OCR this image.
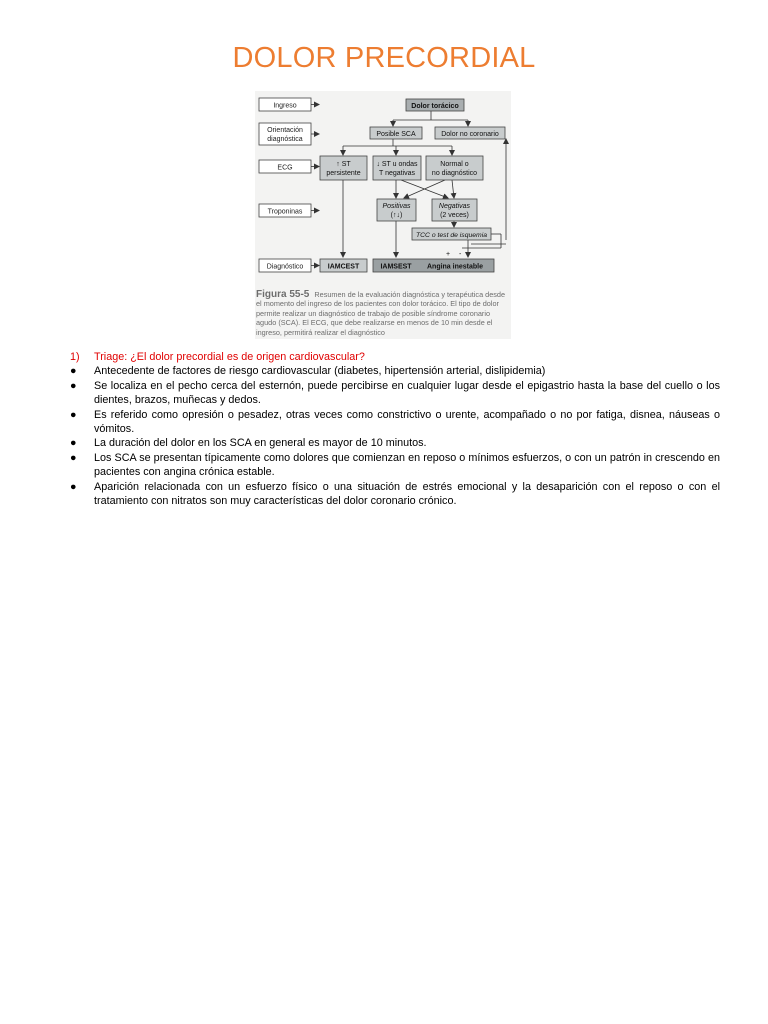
DOLOR PRECORDIAL
Ingreso
Orientación
diagnóstica
ECG
Troponinas
Diagnóstico
Dolor torácico
Posible SCA	Dolor no coronario
↑ ST
persistente
↓ ST u ondas
T negativas
Normal o
no diagnóstico
Positivas
(↑↓)
Negativas
(2 veces)
TCC o test de isquemia
+ -
IAMCEST	IAMSEST Angina inestable
Figura 55-5 Resumen de la evaluación diagnóstica y terapéutica desde el momento del ingreso de los pacientes con dolor torácico. El tipo de dolor permite realizar un diagnóstico de trabajo de posible síndrome coronario agudo (SCA). El ECG, que debe realizarse en menos de 10 min desde el ingreso, permitirá realizar el diagnóstico
1) Triage: ¿El dolor precordial es de origen cardiovascular?
● Antecedente de factores de riesgo cardiovascular (diabetes, hipertensión arterial, dislipidemia)
● Se localiza en el pecho cerca del esternón, puede percibirse en cualquier lugar desde el epigastrio hasta la base del cuello o los dientes, brazos, muñecas y dedos.
● Es referido como opresión o pesadez, otras veces como constrictivo o urente, acompañado o no por fatiga, disnea, náuseas o vómitos.
● La duración del dolor en los SCA en general es mayor de 10 minutos.
● Los SCA se presentan típicamente como dolores que comienzan en reposo o mínimos esfuerzos, o con un patrón in crescendo en pacientes con angina crónica estable.
● Aparición relacionada con un esfuerzo físico o una situación de estrés emocional y la desaparición con el reposo o con el tratamiento con nitratos son muy características del dolor coronario crónico.
